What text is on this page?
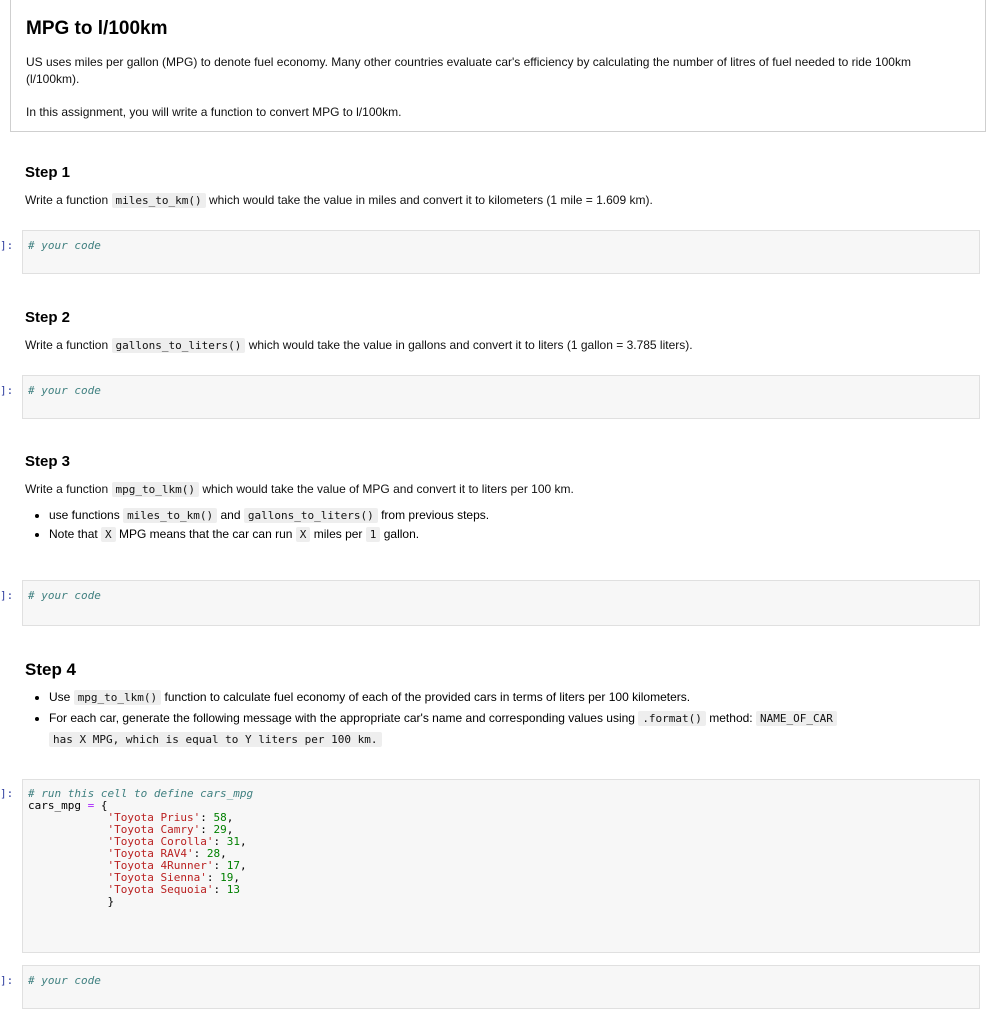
MPG to l/100km
US uses miles per gallon (MPG) to denote fuel economy. Many other countries evaluate car's efficiency by calculating the number of litres of fuel needed to ride 100km (l/100km).
In this assignment, you will write a function to convert MPG to l/100km.
Step 1
Write a function miles_to_km() which would take the value in miles and convert it to kilometers (1 mile = 1.609 km).
]:	# your code
Step 2
Write a function gallons_to_liters() which would take the value in gallons and convert it to liters (1 gallon = 3.785 liters).
]:	# your code
Step 3
Write a function mpg_to_lkm() which would take the value of MPG and convert it to liters per 100 km.
• use functions miles_to_km() and gallons_to_liters() from previous steps.
• Note that X MPG means that the car can run X miles per 1 gallon.
]:	# your code
Step 4
• Use mpg_to_lkm() function to calculate fuel economy of each of the provided cars in terms of liters per 100 kilometers.
• For each car, generate the following message with the appropriate car's name and corresponding values using .format() method: NAME_OF_CAR
has X MPG, which is equal to Y liters per 100 km.
]:	# run this cell to define cars_mpg
cars_mpg = {
'Toyota Prius': 58,
'Toyota Camry': 29,
'Toyota Corolla': 31,
'Toyota RAV4': 28,
'Toyota 4Runner': 17,
'Toyota Sienna': 19,
'Toyota Sequoia': 13
}
]:	# your code
